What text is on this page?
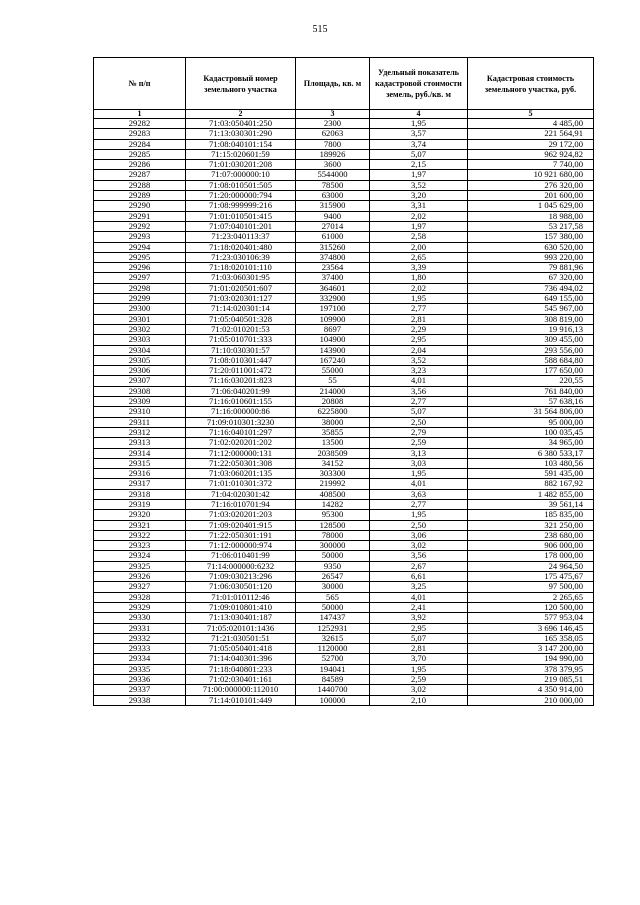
515
№ п/п	Кадастровый номер земельного участка	Площадь, кв. м	Удельный показатель кадастровой стоимости земель, руб./кв. м	Кадастровая стоимость земельного участка, руб.
1	2	3	4	5
29282	71:03:050401:250	2300	1,95	4 485,00
29283	71:13:030301:290	62063	3,57	221 564,91
29284	71:08:040101:154	7800	3,74	29 172,00
29285	71:15:020601:59	189926	5,07	962 924,82
29286	71:01:030201:208	3600	2,15	7 740,00
29287	71:07:000000:10	5544000	1,97	10 921 680,00
29288	71:08:010501:505	78500	3,52	276 320,00
29289	71:20:000000:794	63000	3,20	201 600,00
29290	71:08:999999:216	315900	3,31	1 045 629,00
29291	71:01:010501:415	9400	2,02	18 988,00
29292	71:07:040101:201	27014	1,97	53 217,58
29293	71:23:040113:37	61000	2,58	157 380,00
29294	71:18:020401:480	315260	2,00	630 520,00
29295	71:23:030106:39	374800	2,65	993 220,00
29296	71:18:020101:110	23564	3,39	79 881,96
29297	71:03:060301:95	37400	1,80	67 320,00
29298	71:01:020501:607	364601	2,02	736 494,02
29299	71:03:020301:127	332900	1,95	649 155,00
29300	71:14:020301:14	197100	2,77	545 967,00
29301	71:05:040501:328	109900	2,81	308 819,00
29302	71:02:010201:53	8697	2,29	19 916,13
29303	71:05:010701:333	104900	2,95	309 455,00
29304	71:10:030301:57	143900	2,04	293 556,00
29305	71:08:010301:447	167240	3,52	588 684,80
29306	71:20:011001:472	55000	3,23	177 650,00
29307	71:16:030201:823	55	4,01	220,55
29308	71:06:040201:99	214000	3,56	761 840,00
29309	71:16:010601:155	20808	2,77	57 638,16
29310	71:16:000000:86	6225800	5,07	31 564 806,00
29311	71:09:010301:3230	38000	2,50	95 000,00
29312	71:16:040101:297	35855	2,79	100 035,45
29313	71:02:020201:202	13500	2,59	34 965,00
29314	71:12:000000:131	2038509	3,13	6 380 533,17
29315	71:22:050301:308	34152	3,03	103 480,56
29316	71:03:060201:135	303300	1,95	591 435,00
29317	71:01:010301:372	219992	4,01	882 167,92
29318	71:04:020301:42	408500	3,63	1 482 855,00
29319	71:16:010701:94	14282	2,77	39 561,14
29320	71:03:020201:203	95300	1,95	185 835,00
29321	71:09:020401:915	128500	2,50	321 250,00
29322	71:22:050301:191	78000	3,06	238 680,00
29323	71:12:000000:974	300000	3,02	906 000,00
29324	71:06:010401:99	50000	3,56	178 000,00
29325	71:14:000000:6232	9350	2,67	24 964,50
29326	71:09:030213:296	26547	6,61	175 475,67
29327	71:06:030501:120	30000	3,25	97 500,00
29328	71:01:010112:46	565	4,01	2 265,65
29329	71:09:010801:410	50000	2,41	120 500,00
29330	71:13:030401:187	147437	3,92	577 953,04
29331	71:05:020101:1436	1252931	2,95	3 696 146,45
29332	71:21:030501:51	32615	5,07	165 358,05
29333	71:05:050401:418	1120000	2,81	3 147 200,00
29334	71:14:040301:396	52700	3,70	194 990,00
29335	71:18:040801:233	194041	1,95	378 379,95
29336	71:02:030401:161	84589	2,59	219 085,51
29337	71:00:000000:112010	1440700	3,02	4 350 914,00
29338	71:14:010101:449	100000	2,10	210 000,00
